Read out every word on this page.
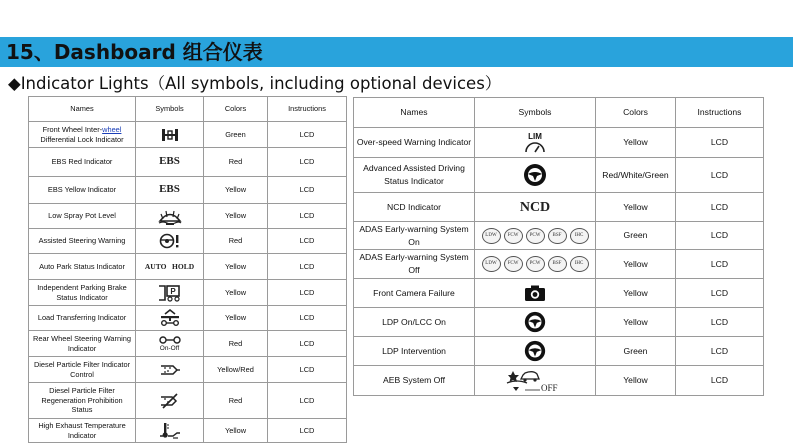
15、Dashboard 组合仪表
◆Indicator Lights（All symbols, including optional devices）
Names	Symbols	Colors	Instructions
Front Wheel Inter-wheel Differential Lock Indicator		Green	LCD
EBS Red Indicator	EBS	Red	LCD
EBS Yellow Indicator	EBS	Yellow	LCD
Low Spray Pot Level		Yellow	LCD
Assisted Steering Warning		Red	LCD
Auto Park Status Indicator	AUTO   HOLD	Yellow	LCD
Independent Parking Brake Status Indicator	P	Yellow	LCD
Load Transferring Indicator		Yellow	LCD
Rear Wheel Steering Warning Indicator	On-Off	Red	LCD
Diesel Particle Filter Indicator Control		Yellow/Red	LCD
Diesel Particle Filter Regeneration Prohibition Status		Red	LCD
High Exhaust Temperature Indicator		Yellow	LCD
Names	Symbols	Colors	Instructions
Over-speed Warning Indicator	LIM	Yellow	LCD
Advanced Assisted Driving Status Indicator		Red/White/Green	LCD
NCD Indicator	NCD	Yellow	LCD
ADAS Early-warning System On	LDW FCW PCW BSF IHC	Green	LCD
ADAS Early-warning System Off	LDW FCW PCW BSF IHC	Yellow	LCD
Front Camera Failure		Yellow	LCD
LDP On/LCC On		Yellow	LCD
LDP Intervention		Green	LCD
AEB System Off	OFF	Yellow	LCD
